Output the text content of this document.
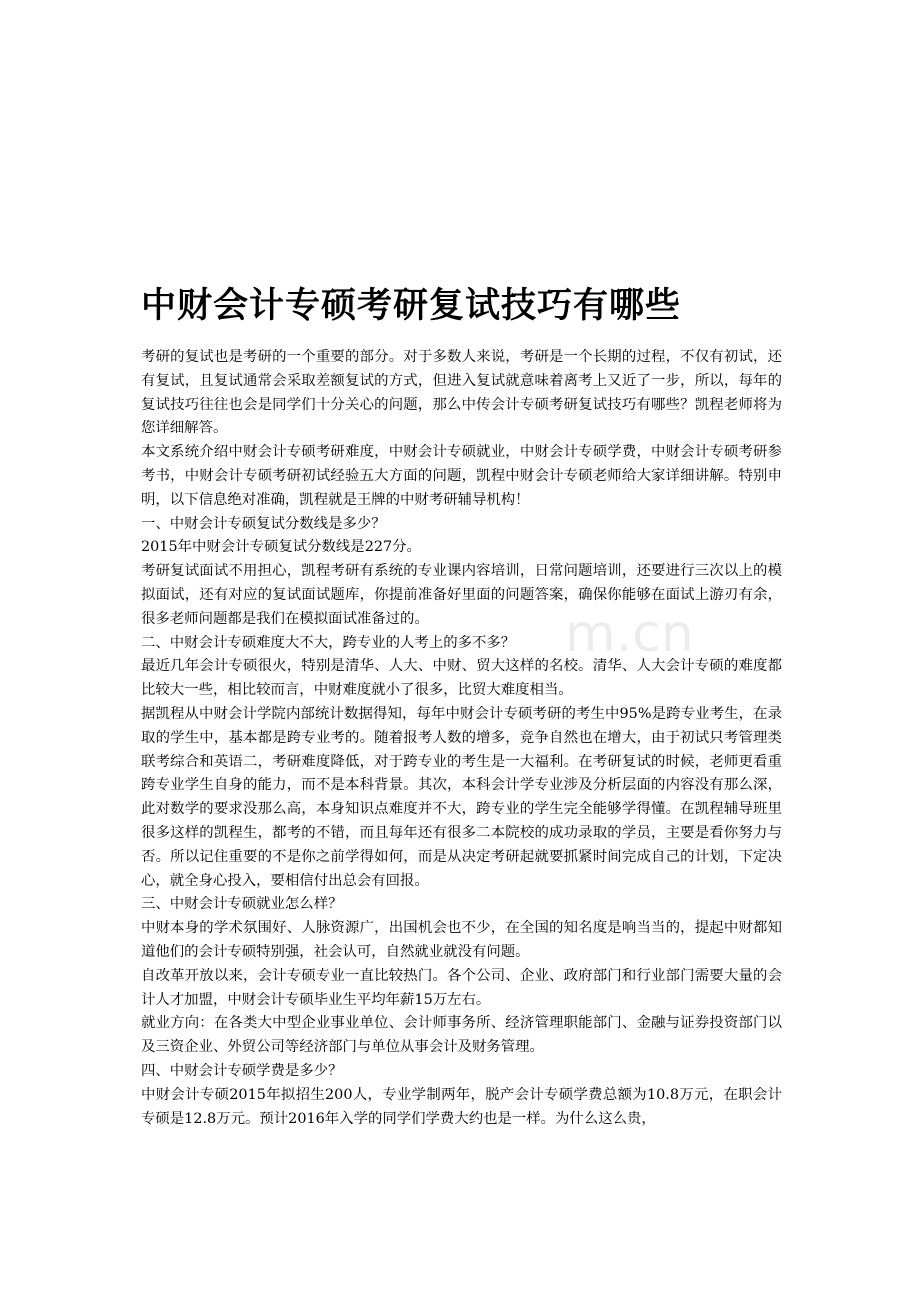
中财会计专硕考研复试技巧有哪些
m.cn

考研的复试也是考研的一个重要的部分。对于多数人来说，考研是一个长期的过程，不仅有初试，还有复试，且复试通常会采取差额复试的方式，但进入复试就意味着离考上又近了一步，所以，每年的复试技巧往往也会是同学们十分关心的问题，那么中传会计专硕考研复试技巧有哪些？凯程老师将为您详细解答。

本文系统介绍中财会计专硕考研难度，中财会计专硕就业，中财会计专硕学费，中财会计专硕考研参考书，中财会计专硕考研初试经验五大方面的问题，凯程中财会计专硕老师给大家详细讲解。特别申明，以下信息绝对准确，凯程就是王牌的中财考研辅导机构！

一、中财会计专硕复试分数线是多少？

2015年中财会计专硕复试分数线是227分。

考研复试面试不用担心，凯程考研有系统的专业课内容培训，日常问题培训，还要进行三次以上的模拟面试，还有对应的复试面试题库，你提前准备好里面的问题答案，确保你能够在面试上游刃有余，很多老师问题都是我们在模拟面试准备过的。

二、中财会计专硕难度大不大，跨专业的人考上的多不多？

最近几年会计专硕很火，特别是清华、人大、中财、贸大这样的名校。清华、人大会计专硕的难度都比较大一些，相比较而言，中财难度就小了很多，比贸大难度相当。

据凯程从中财会计学院内部统计数据得知，每年中财会计专硕考研的考生中95%是跨专业考生，在录取的学生中，基本都是跨专业考的。随着报考人数的增多，竞争自然也在增大，由于初试只考管理类联考综合和英语二，考研难度降低，对于跨专业的考生是一大福利。在考研复试的时候，老师更看重跨专业学生自身的能力，而不是本科背景。其次，本科会计学专业涉及分析层面的内容没有那么深，此对数学的要求没那么高，本身知识点难度并不大，跨专业的学生完全能够学得懂。在凯程辅导班里很多这样的凯程生，都考的不错，而且每年还有很多二本院校的成功录取的学员，主要是看你努力与否。所以记住重要的不是你之前学得如何，而是从决定考研起就要抓紧时间完成自己的计划，下定决心，就全身心投入，要相信付出总会有回报。

三、中财会计专硕就业怎么样？

中财本身的学术氛围好、人脉资源广，出国机会也不少，在全国的知名度是响当当的，提起中财都知道他们的会计专硕特别强，社会认可，自然就业就没有问题。

自改革开放以来，会计专硕专业一直比较热门。各个公司、企业、政府部门和行业部门需要大量的会计人才加盟，中财会计专硕毕业生平均年薪15万左右。

就业方向：在各类大中型企业事业单位、会计师事务所、经济管理职能部门、金融与证券投资部门以及三资企业、外贸公司等经济部门与单位从事会计及财务管理。

四、中财会计专硕学费是多少？

中财会计专硕2015年拟招生200人，专业学制两年，脱产会计专硕学费总额为10.8万元，在职会计专硕是12.8万元。预计2016年入学的同学们学费大约也是一样。为什么这么贵，
